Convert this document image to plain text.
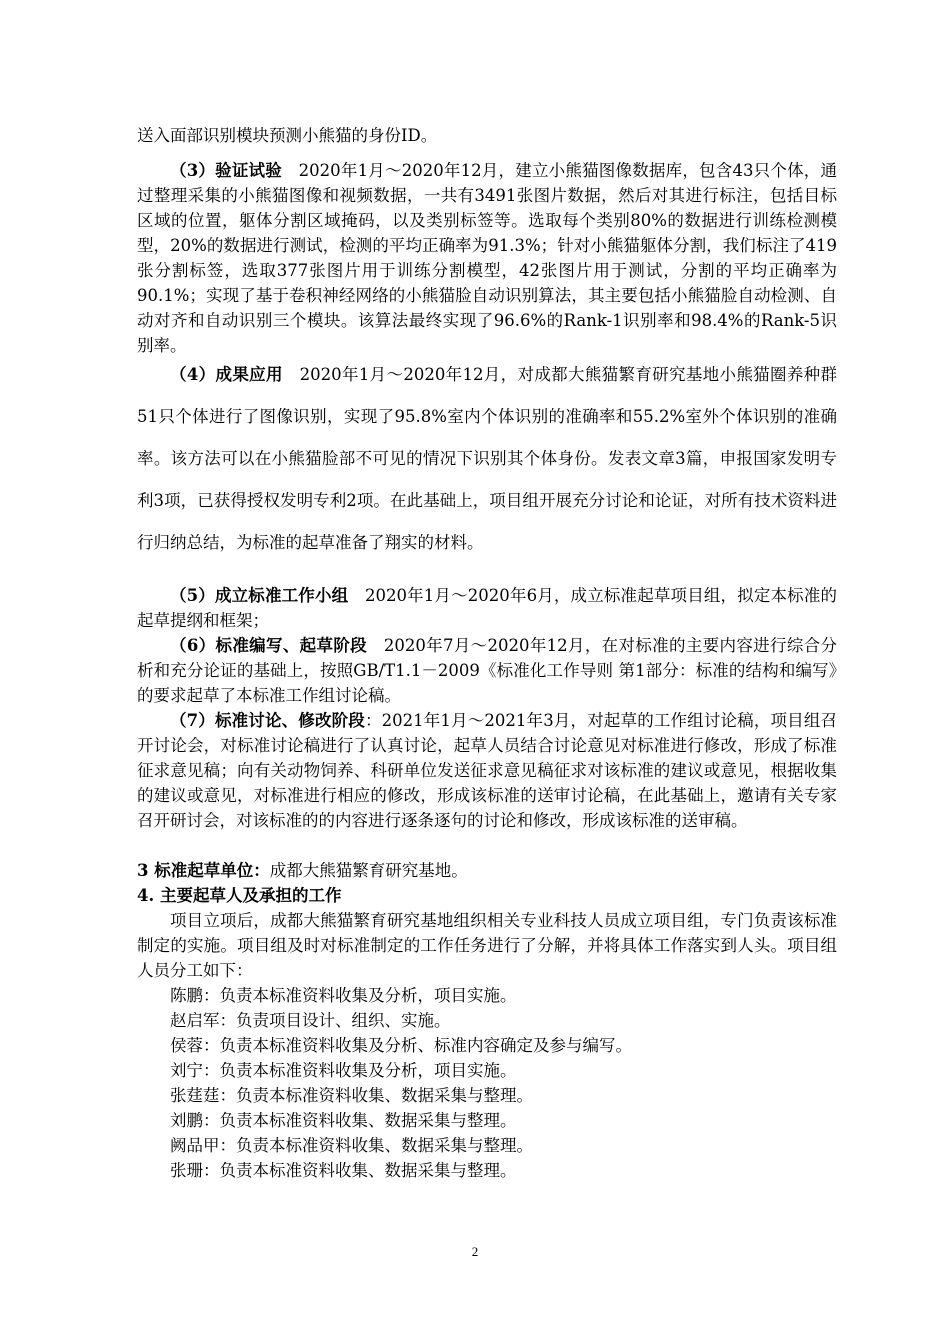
送入面部识别模块预测小熊猫的身份ID。

（3）验证试验　2020年1月～2020年12月，建立小熊猫图像数据库，包含43只个体，通过整理采集的小熊猫图像和视频数据，一共有3491张图片数据，然后对其进行标注，包括目标区域的位置，躯体分割区域掩码，以及类别标签等。选取每个类别80%的数据进行训练检测模型，20%的数据进行测试，检测的平均正确率为91.3%；针对小熊猫躯体分割，我们标注了419张分割标签，选取377张图片用于训练分割模型，42张图片用于测试，分割的平均正确率为90.1%；实现了基于卷积神经网络的小熊猫脸自动识别算法，其主要包括小熊猫脸自动检测、自动对齐和自动识别三个模块。该算法最终实现了96.6%的Rank-1识别率和98.4%的Rank-5识别率。

（4）成果应用　2020年1月～2020年12月，对成都大熊猫繁育研究基地小熊猫圈养种群51只个体进行了图像识别，实现了95.8%室内个体识别的准确率和55.2%室外个体识别的准确率。该方法可以在小熊猫脸部不可见的情况下识别其个体身份。发表文章3篇，申报国家发明专利3项，已获得授权发明专利2项。在此基础上，项目组开展充分讨论和论证，对所有技术资料进行归纳总结，为标准的起草准备了翔实的材料。

（5）成立标准工作小组　2020年1月～2020年6月，成立标准起草项目组，拟定本标准的起草提纲和框架；

（6）标准编写、起草阶段　2020年7月～2020年12月，在对标准的主要内容进行综合分析和充分论证的基础上，按照GB/T1.1－2009《标准化工作导则 第1部分：标准的结构和编写》的要求起草了本标准工作组讨论稿。

（7）标准讨论、修改阶段：2021年1月～2021年3月，对起草的工作组讨论稿，项目组召开讨论会，对标准讨论稿进行了认真讨论，起草人员结合讨论意见对标准进行修改，形成了标准征求意见稿；向有关动物饲养、科研单位发送征求意见稿征求对该标准的建议或意见，根据收集的建议或意见，对标准进行相应的修改，形成该标准的送审讨论稿，在此基础上，邀请有关专家召开研讨会，对该标准的的内容进行逐条逐句的讨论和修改，形成该标准的送审稿。

3 标准起草单位：成都大熊猫繁育研究基地。

4. 主要起草人及承担的工作

项目立项后，成都大熊猫繁育研究基地组织相关专业科技人员成立项目组，专门负责该标准制定的实施。项目组及时对标准制定的工作任务进行了分解，并将具体工作落实到人头。项目组人员分工如下：

陈鹏：负责本标准资料收集及分析，项目实施。
赵启军：负责项目设计、组织、实施。
侯蓉：负责本标准资料收集及分析、标准内容确定及参与编写。
刘宁：负责本标准资料收集及分析，项目实施。
张莛莛：负责本标准资料收集、数据采集与整理。
刘鹏：负责本标准资料收集、数据采集与整理。
阙品甲：负责本标准资料收集、数据采集与整理。
张珊：负责本标准资料收集、数据采集与整理。
2
